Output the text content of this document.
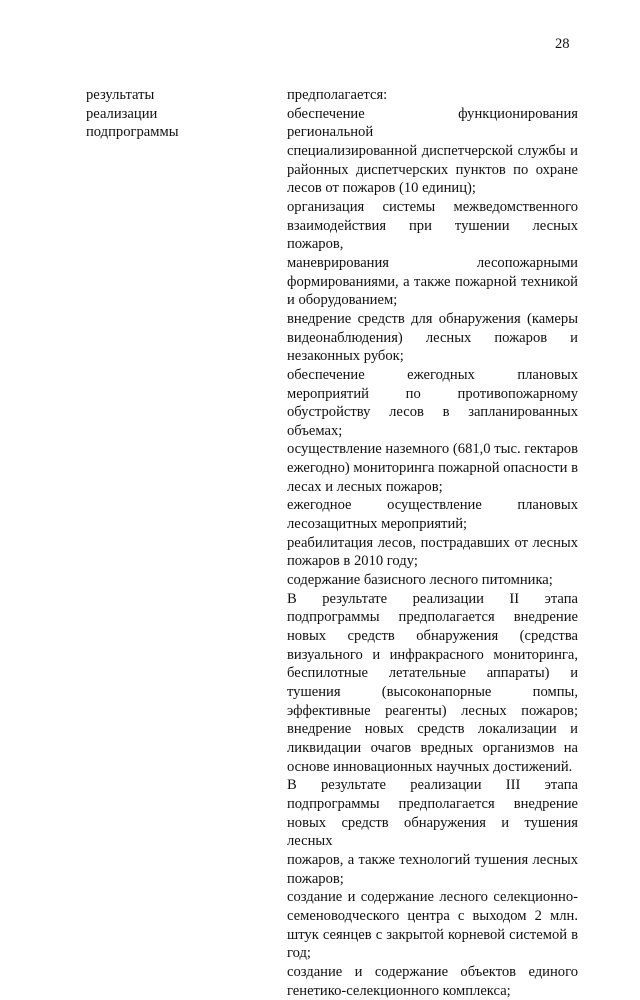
28
результаты
реализации
подпрограммы
предполагается:
обеспечение функционирования региональной
специализированной диспетчерской службы и
районных диспетчерских пунктов по охране
лесов от пожаров (10 единиц);
организация системы межведомственного
взаимодействия при тушении лесных пожаров,
маневрирования лесопожарными
формированиями, а также пожарной техникой
и оборудованием;
внедрение средств для обнаружения (камеры
видеонаблюдения) лесных пожаров и
незаконных рубок;
обеспечение ежегодных плановых
мероприятий по противопожарному
обустройству лесов в запланированных
объемах;
осуществление наземного (681,0 тыс. гектаров
ежегодно) мониторинга пожарной опасности в
лесах и лесных пожаров;
ежегодное осуществление плановых
лесозащитных мероприятий;
реабилитация лесов, пострадавших от лесных
пожаров в 2010 году;
содержание базисного лесного питомника;
В результате реализации II этапа
подпрограммы предполагается внедрение
новых средств обнаружения (средства
визуального и инфракрасного мониторинга,
беспилотные летательные аппараты) и
тушения (высоконапорные помпы,
эффективные реагенты) лесных пожаров;
внедрение новых средств локализации и
ликвидации очагов вредных организмов на
основе инновационных научных достижений.
В результате реализации III этапа
подпрограммы предполагается внедрение
новых средств обнаружения и тушения лесных
пожаров, а также технологий тушения лесных
пожаров;
создание и содержание лесного селекционно-
семеноводческого центра с выходом 2 млн.
штук сеянцев с закрытой корневой системой в
год;
создание и содержание объектов единого
генетико-селекционного комплекса;
